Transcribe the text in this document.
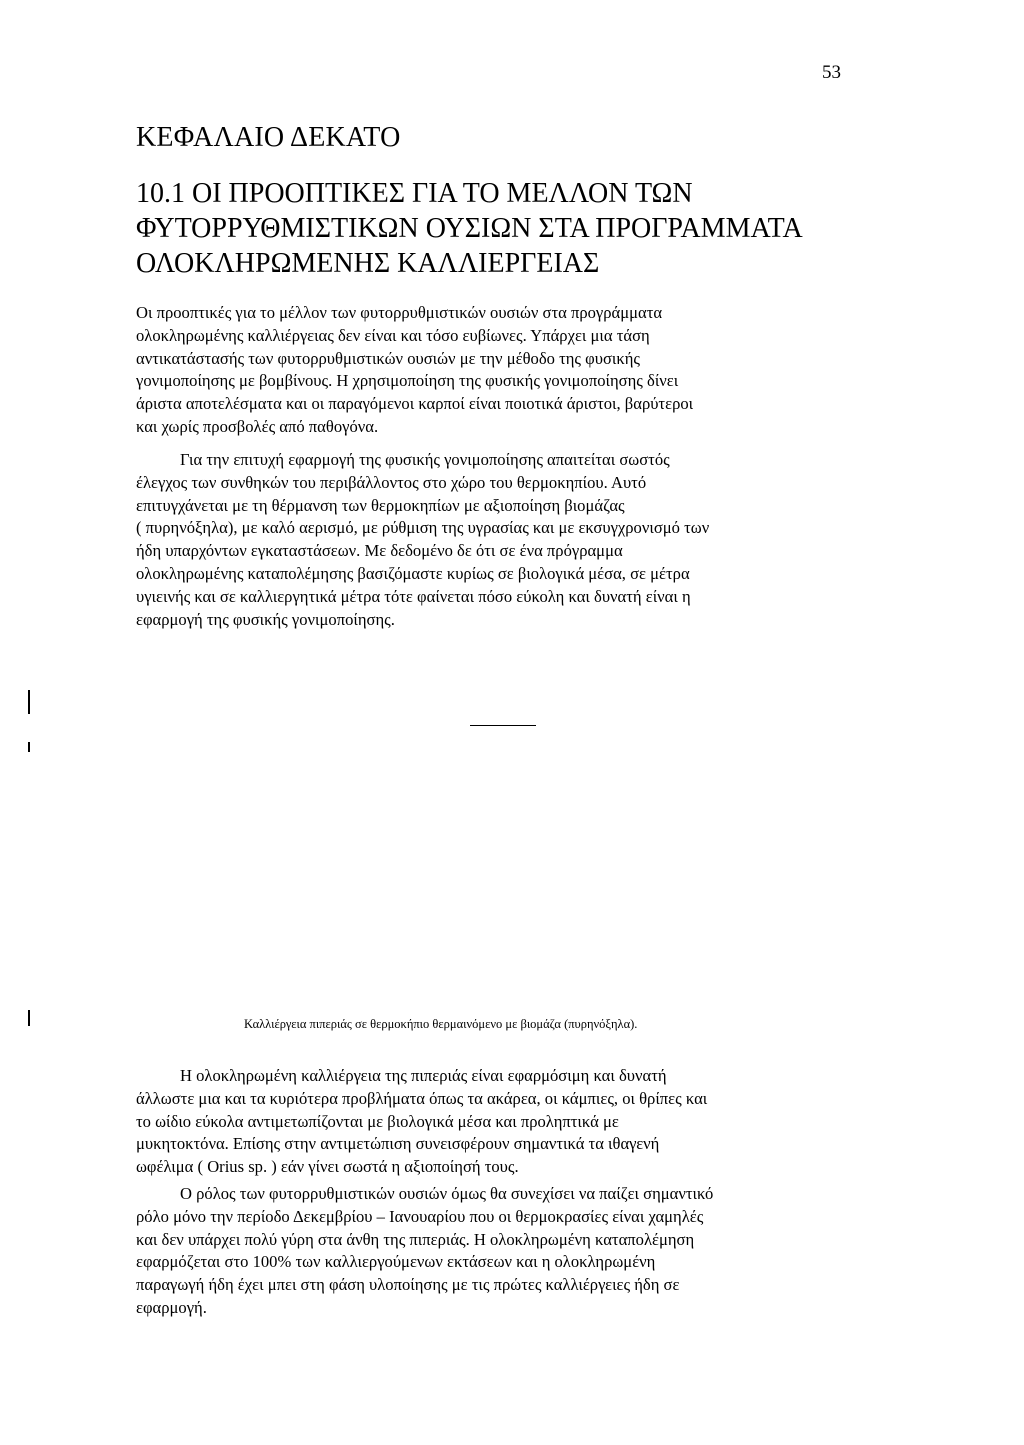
53
ΚΕΦΑΛΑΙΟ ΔΕΚΑΤΟ
10.1 ΟΙ ΠΡΟΟΠΤΙΚΕΣ ΓΙΑ ΤΟ ΜΕΛΛΟΝ ΤΩΝ
ΦΥΤΟΡΡΥΘΜΙΣΤΙΚΩΝ ΟΥΣΙΩΝ ΣΤΑ ΠΡΟΓΡΑΜΜΑΤΑ
ΟΛΟΚΛΗΡΩΜΕΝΗΣ ΚΑΛΛΙΕΡΓΕΙΑΣ
Οι προοπτικές για το μέλλον των φυτορρυθμιστικών ουσιών στα προγράμματα
ολοκληρωμένης καλλιέργειας δεν είναι και τόσο ευβίωνες. Υπάρχει μια τάση
αντικατάστασής των φυτορρυθμιστικών ουσιών με την μέθοδο της φυσικής
γονιμοποίησης με βομβίνους. Η χρησιμοποίηση της φυσικής γονιμοποίησης δίνει
άριστα αποτελέσματα και οι παραγόμενοι καρποί είναι ποιοτικά άριστοι, βαρύτεροι
και χωρίς προσβολές από παθογόνα.
Για την επιτυχή εφαρμογή της φυσικής γονιμοποίησης απαιτείται σωστός
έλεγχος των συνθηκών του περιβάλλοντος στο χώρο του θερμοκηπίου. Αυτό
επιτυγχάνεται με τη θέρμανση των θερμοκηπίων με αξιοποίηση βιομάζας
( πυρηνόξηλα), με καλό αερισμό, με ρύθμιση της υγρασίας και με εκσυγχρονισμό των
ήδη υπαρχόντων εγκαταστάσεων. Με δεδομένο δε ότι σε ένα πρόγραμμα
ολοκληρωμένης καταπολέμησης βασιζόμαστε κυρίως σε βιολογικά μέσα, σε μέτρα
υγιεινής και σε καλλιεργητικά μέτρα τότε φαίνεται πόσο εύκολη και δυνατή είναι η
εφαρμογή της φυσικής γονιμοποίησης.
Καλλιέργεια πιπεριάς σε θερμοκήπιο θερμαινόμενο με βιομάζα (πυρηνόξηλα).
Η ολοκληρωμένη καλλιέργεια της πιπεριάς είναι εφαρμόσιμη και δυνατή
άλλωστε μια και τα κυριότερα προβλήματα όπως τα ακάρεα, οι κάμπιες, οι θρίπες και
το ωίδιο εύκολα αντιμετωπίζονται με βιολογικά μέσα και προληπτικά με
μυκητοκτόνα. Επίσης στην αντιμετώπιση συνεισφέρουν σημαντικά τα ιθαγενή
ωφέλιμα ( Orius sp. ) εάν γίνει σωστά η αξιοποίησή τους.
Ο ρόλος των φυτορρυθμιστικών ουσιών όμως θα συνεχίσει να παίζει σημαντικό
ρόλο μόνο την περίοδο Δεκεμβρίου – Ιανουαρίου που οι θερμοκρασίες είναι χαμηλές
και δεν υπάρχει πολύ γύρη στα άνθη της πιπεριάς. Η ολοκληρωμένη καταπολέμηση
εφαρμόζεται στο 100% των καλλιεργούμενων εκτάσεων και η ολοκληρωμένη
παραγωγή ήδη έχει μπει στη φάση υλοποίησης με τις πρώτες καλλιέργειες ήδη σε
εφαρμογή.
